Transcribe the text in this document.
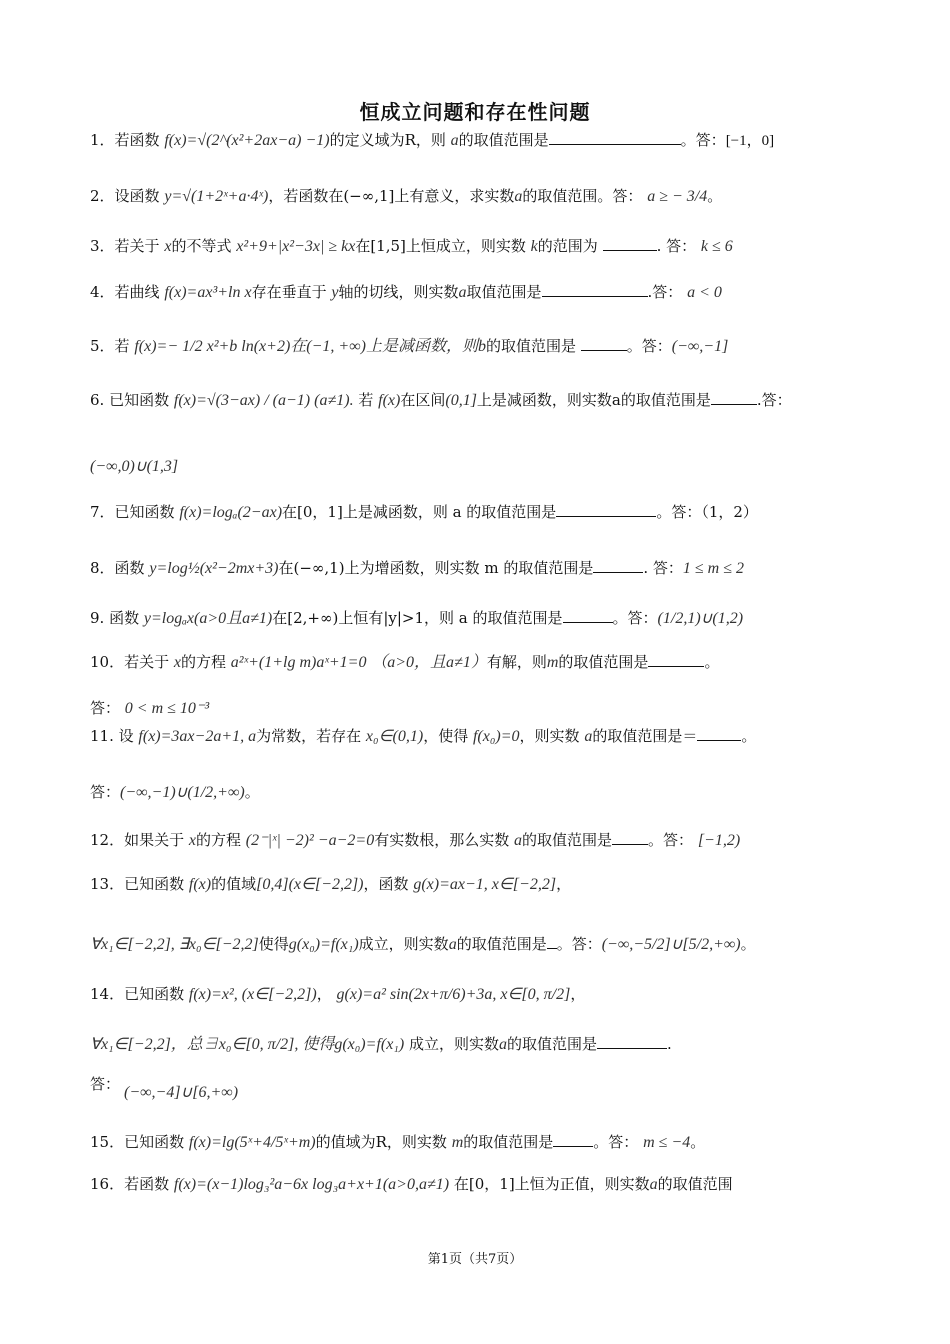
恒成立问题和存在性问题
1．若函数 f(x)=√(2^(x²+2ax−a) −1)的定义域为R，则 a的取值范围是	。答：[−1，0]
2．设函数 y=√(1+2ˣ+a·4ˣ)，若函数在(−∞,1]上有意义，求实数a的取值范围。答： a ≥ − 3/4。
3．若关于 x的不等式 x²+9+|x²−3x| ≥ kx在[1,5]上恒成立，则实数 k的范围为	. 答： k ≤ 6
4．若曲线 f(x)=ax³+ln x存在垂直于 y轴的切线，则实数a取值范围是	.答： a < 0
5．若 f(x)=− 1/2 x²+b ln(x+2)在(−1, +∞)上是减函数，则b的取值范围是	。答：(−∞,−1]
6. 已知函数 f(x)=√(3−ax) / (a−1) (a≠1). 若 f(x)在区间(0,1]上是减函数，则实数a的取值范围是	.答：
(−∞,0)∪(1,3]
7．已知函数 f(x)=logₐ(2−ax)在[0，1]上是减函数，则 a 的取值范围是	。答：（1，2）
8．函数 y=log½(x²−2mx+3)在(−∞,1)上为增函数，则实数 m 的取值范围是	. 答：1 ≤ m ≤ 2
9. 函数 y=logₐx(a>0且a≠1)在[2,+∞)上恒有|y|>1，则 a 的取值范围是	。答：(1/2,1)∪(1,2)
10．若关于 x的方程 a²ˣ+(1+lg m)aˣ+1=0 （a>0，且a≠1）有解，则m的取值范围是	。
答： 0 < m ≤ 10⁻³
11. 设 f(x)=3ax−2a+1, a为常数，若存在 x₀∈(0,1)，使得 f(x₀)=0，则实数 a的取值范围是＝	。
答：(−∞,−1)∪(1/2,+∞)。
12．如果关于 x的方程 (2⁻|ˣ| −2)² −a−2=0有实数根，那么实数 a的取值范围是 。答： [−1,2)
13．已知函数 f(x)的值域[0,4](x∈[−2,2])，函数 g(x)=ax−1, x∈[−2,2]，
∀x₁∈[−2,2], ∃x₀∈[−2,2]使得g(x₀)=f(x₁)成立，则实数a的取值范围是 。答：(−∞,−5/2]∪[5/2,+∞)。
14．已知函数 f(x)=x², (x∈[−2,2])， g(x)=a² sin(2x+π/6)+3a, x∈[0, π/2]，
∀x₁∈[−2,2]，总∃x₀∈[0, π/2], 使得g(x₀)=f(x₁) 成立，则实数a的取值范围是	.
答： (−∞,−4]∪[6,+∞)
15．已知函数 f(x)=lg(5ˣ+4/5ˣ+m)的值域为R，则实数 m的取值范围是	。答： m ≤ −4。
16．若函数 f(x)=(x−1)log₃²a−6x log₃a+x+1(a>0,a≠1) 在[0，1]上恒为正值，则实数a的取值范围
第1页（共7页）
